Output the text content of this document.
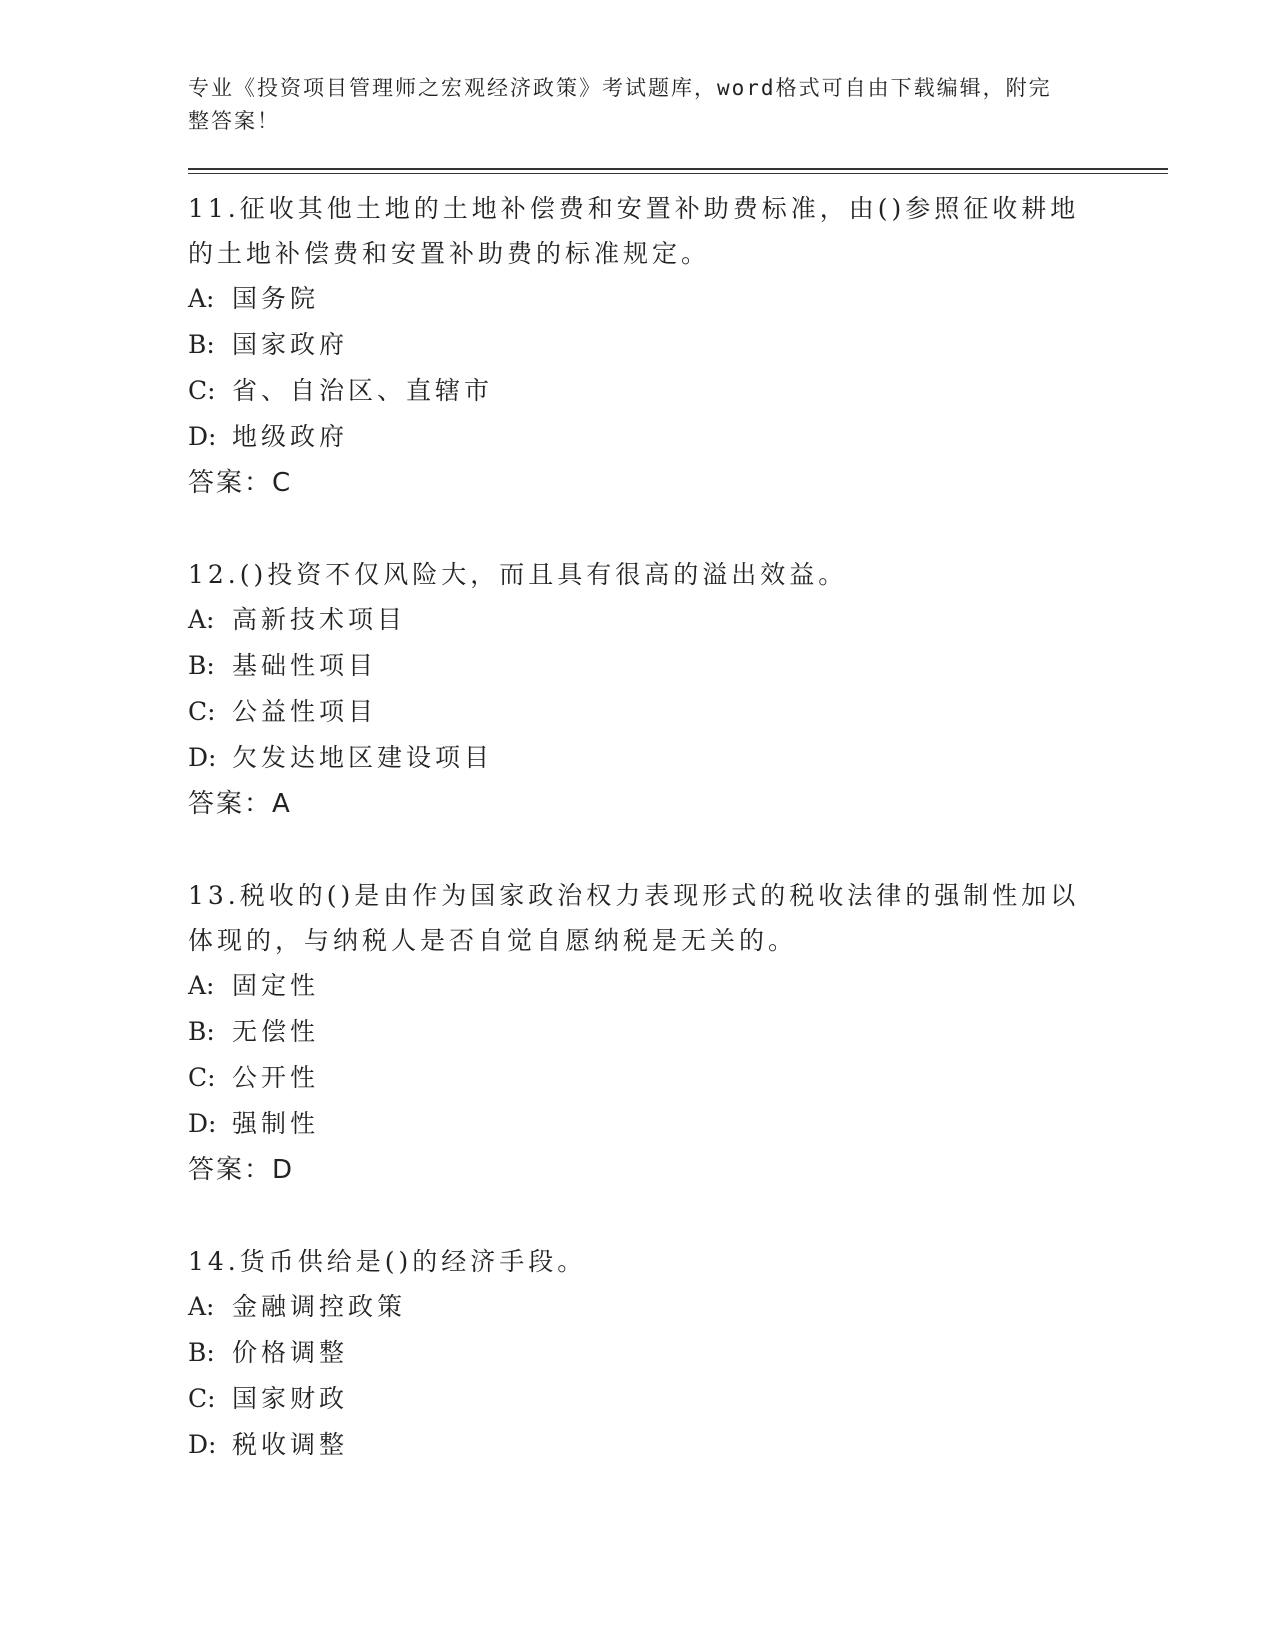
专业《投资项目管理师之宏观经济政策》考试题库，word格式可自由下载编辑，附完整答案！

11.征收其他土地的土地补偿费和安置补助费标准，由()参照征收耕地的土地补偿费和安置补助费的标准规定。

A: 国务院

B: 国家政府

C: 省、自治区、直辖市

D: 地级政府

答案：C

12.()投资不仅风险大，而且具有很高的溢出效益。

A: 高新技术项目

B: 基础性项目

C: 公益性项目

D: 欠发达地区建设项目

答案：A

13.税收的()是由作为国家政治权力表现形式的税收法律的强制性加以体现的，与纳税人是否自觉自愿纳税是无关的。

A: 固定性

B: 无偿性

C: 公开性

D: 强制性

答案：D

14.货币供给是()的经济手段。

A: 金融调控政策

B: 价格调整

C: 国家财政

D: 税收调整
